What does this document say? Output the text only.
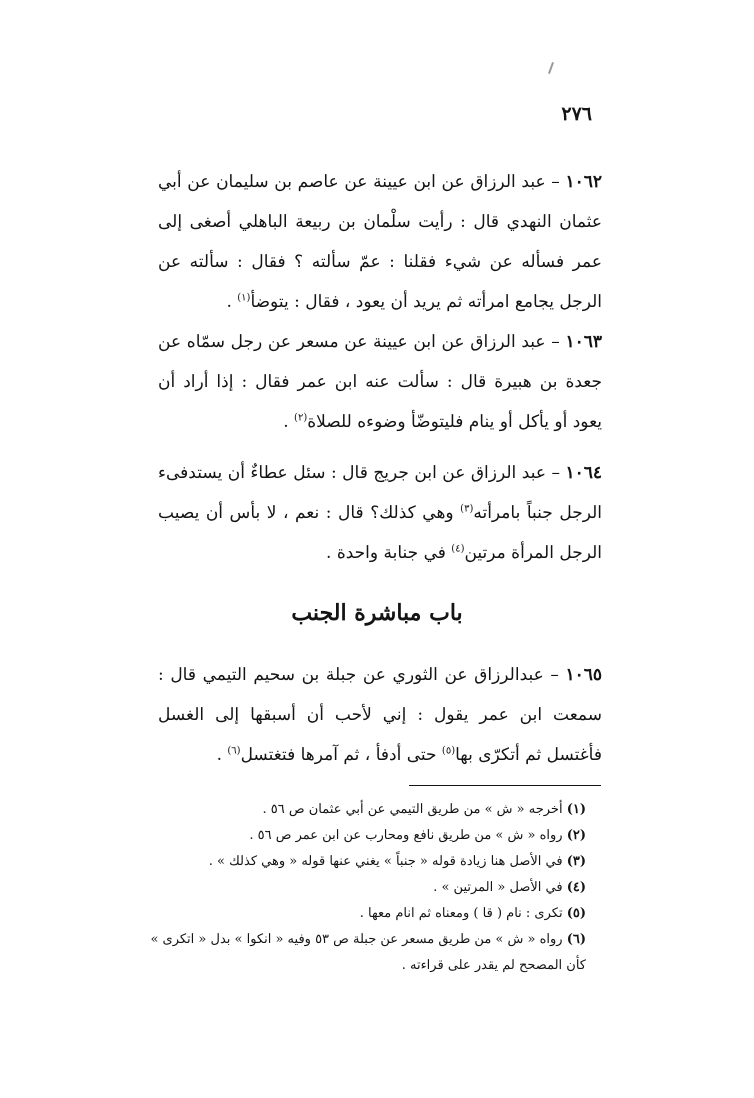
٢٧٦

١٠٦٢ – عبد الرزاق عن ابن عيينة عن عاصم بن سليمان عن أبي عثمان النهدي قال : رأيت سلْمان بن ربيعة الباهلي أصغى إلى عمر فسأله عن شيء فقلنا : عمّ سألته ؟ فقال : سألته عن الرجل يجامع امرأته ثم يريد أن يعود ، فقال : يتوضأ$^{(١)}$ .

١٠٦٣ – عبد الرزاق عن ابن عيينة عن مسعر عن رجل سمّاه عن جعدة بن هبيرة قال : سألت عنه ابن عمر فقال : إذا أراد أن يعود أو يأكل أو ينام فليتوضّأ وضوءه للصلاة$^{(٢)}$ .

١٠٦٤ – عبد الرزاق عن ابن جريج قال : سئل عطاءٌ أن يستدفىء الرجل جنباً بامرأته$^{(٣)}$ وهي كذلك؟ قال : نعم ، لا بأس أن يصيب الرجل المرأة مرتين$^{(٤)}$ في جنابة واحدة .

باب مباشرة الجنب

١٠٦٥ – عبدالرزاق عن الثوري عن جبلة بن سحيم التيمي قال : سمعت ابن عمر يقول : إني لأحب أن أسبقها إلى الغسل فأغتسل ثم أتكرّى بها$^{(٥)}$ حتى أدفأ ، ثم آمرها فتغتسل$^{(٦)}$ .

(١) أخرجه « ش » من طريق التيمي عن أبي عثمان ص ٥٦ .
(٢) رواه « ش » من طريق نافع ومحارب عن ابن عمر ص ٥٦ .
(٣) في الأصل هنا زيادة قوله « جنباً » يغني عنها قوله « وهي كذلك » .
(٤) في الأصل « المرتين » .
(٥) تكرى : نام ( قا ) ومعناه ثم انام معها .
(٦) رواه « ش » من طريق مسعر عن جبلة ص ٥٣ وفيه « انكوا » بدل « اتكرى »
كأن المصحح لم يقدر على قراءته .
